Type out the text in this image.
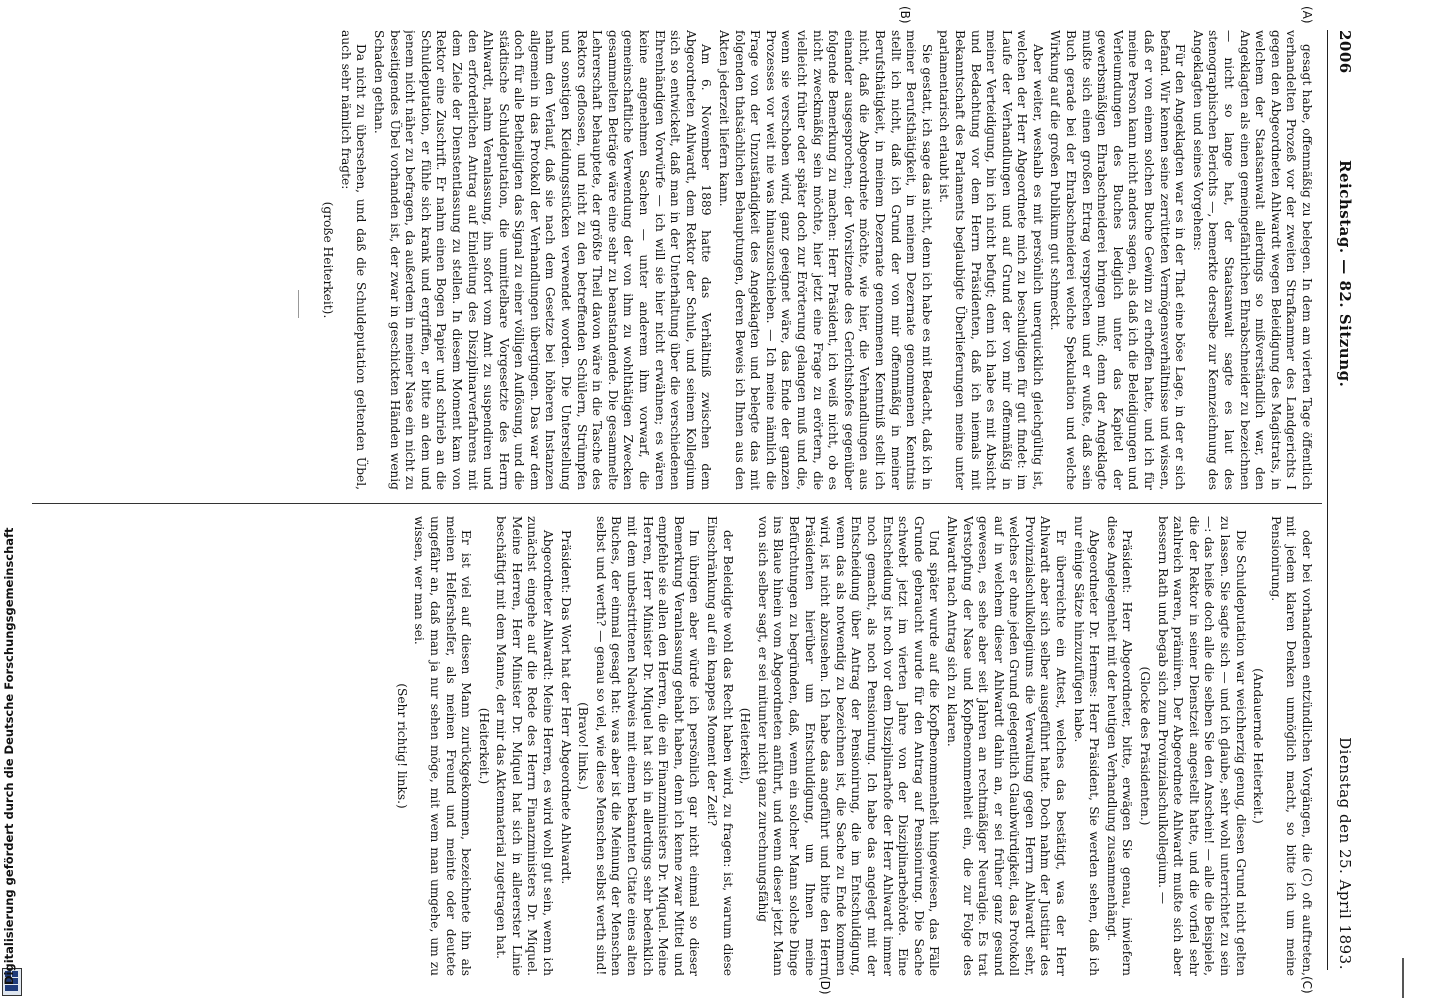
2006
Reichstag. — 82. Sitzung.
Dienstag den 25. April 1893.
(A)
(B)
(C)
(D)

gesagt habe, offenmäßig zu belegen. In dem am vierten Tage öffentlich verhandelten Prozeß vor der zweiten Strafkammer des Landgerichts I gegen den Abgeordneten Ahlwardt wegen Beleidigung des Magistrats, in welchem der Staatsanwalt allerdings so mißverständlich war, den Angeklagten als einen gemeingefährlichen Ehrabschneider zu bezeichnen — nicht so lange hat, der Staatsanwalt sagte es laut des stenographischen Berichts —, bemerkte derselbe zur Kennzeichnung des Angeklagten und seines Vorgehens:

Für den Angeklagten war es in der That eine böse Lage, in der er sich befand. Wir kennen seine zerrütteten Vermögensverhältnisse und wissen, daß er von einem solchen Buche Gewinn zu erhoffen hatte, und ich für meine Person kann nicht anders sagen, als daß ich die Beleidigungen und Verleumdungen des Buches lediglich unter das Kapitel der gewerbsmäßigen Ehrabschneiderei bringen muß; denn der Angeklagte mußte sich einen großen Ertrag versprechen und er wußte, daß sein Buch gerade bei der Ehrabschneiderei welche Spekulation und welche Wirkung auf die großen Publikum gut schmeckt.

Aber weiter, weshalb es mit persönlich unerquicklich gleichgültig ist, welchen der Herr Abgeordnete mich zu beschuldigen für gut findet: im Laufe der Verhandlungen und auf Grund der von mir offenmäßig in meiner Verteidigung, bin ich nicht befugt; denn ich habe es mit Absicht und Bedachtung vor dem Herrn Präsidenten, daß ich niemals mit Bekanntschaft des Parlaments beglaubigte Überlieferungen meine unter parlamentarisch erlaubt ist.

Sie gestatt, ich sage das nicht, denn ich habe es mit Bedacht, daß ich in meiner Berufsthätigkeit, in meinem Dezernate genommenen Kenntnis stellt ich nicht, daß ich Grund der von mir offenmäßig in meiner Berufsthätigkeit, in meinem Dezernate genommenen Kenntniß stellt ich nicht, daß die Abgeordnete möchte, wie hier, die Verhandlungen aus einander ausgesprochen; der Vorsitzende des Gerichtshofes gegenüber folgende Bemerkung zu machen: Herr Präsident, ich weiß nicht, ob es nicht zweckmäßig sein möchte, hier jetzt eine Frage zu erörtern, die vielleicht früher oder später doch zur Erörterung gelangen muß und die, wenn sie verschoben wird, ganz geeignet wäre, das Ende der ganzen Prozesses vor weit nie was hinauszuschieben. — Ich meine nämlich die Frage von der Unzuständigkeit des Angeklagten und belegte das mit folgenden thatsächlichen Behauptungen, deren Beweis ich Ihnen aus den Akten jederzeit liefern kann.

Am 6. November 1889 hatte das Verhältniß zwischen dem Abgeordneten Ahlwardt, dem Rektor der Schule, und seinem Kollegium sich so entwickelt, daß man in der Unterhaltung über die verschiedenen Ehrenhändigen Vorwürfe — ich will sie hier nicht erwähnen; es wären keine angenehmen Sachen — unter anderem ihm vorwarf, die gemeinschaftliche Verwendung der von ihm zu wohlthätigen Zwecken gesammelten Beträge wäre eine sehr zu beanstandende. Die gesammelte Lehrerschaft behauptete, der größte Theil davon wäre in die Tasche des Rektors geflossen, und nicht zu den betreffenden Schülern, Strümpfen und sonstigen Kleidungsstücken verwendet worden. Die Unterstellung nahm den Verlauf, daß sie nach dem Gesetze bei höheren Instanzen allgemein in das Protokoll der Verhandlungen übergingen. Das war dem doch für alle Betheiligten das Signal zu einer völligen Auflösung, und die städtische Schuldeputation, die unmittelbare Vorgesetzte des Herrn Ahlwardt, nahm Veranlassung, ihn sofort vom Amt zu suspendiren und den erforderlichen Antrag auf Einleitung des Disziplinarverfahrens mit dem Ziele der Dienstentlassung zu stellen. In diesem Moment kam von Rektor eine Zuschrift. Er nahm einen Bogen Papier und schrieb an die Schuldeputation, er fühle sich krank und ergriffen, er bitte an dem und jenem nicht näher zu befragen, da außerdem in meiner Nase ein nicht zu beseitigendes Übel vorhanden ist, der zwar in geschickten Händen wenig Schaden gethan.

Da nicht zu übersehen, und daß die Schuldeputation geltenden Übel, auch sehr nämlich fragte:

(große Heiterkeit).

oder bei vorhandenen entzündlichen Vorgängen, die (C) oft auftreten, mit jedem klaren Denken unmöglich macht, so bitte ich um meine Pensionirung.

(Andauernde Heiterkeit.)

Die Schuldeputation war weichherzig genug, diesen Grund nicht gelten zu lassen. Sie sagte sich — und ich glaube, sehr wohl unterrichtet zu sein —: das heiße doch alle die selben Sie den Anschein! — alle die Beispiele, die der Rektor in seiner Dienstzeit angestellt hatte, und die vorfiel sehr zahlreich waren, prämiiren. Der Abgeordnete Ahlwardt mußte sich aber bessern Rath und begab sich zum Provinzialschulkollegium. —

(Glocke des Präsidenten.)

Präsident: Herr Abgeordneter, bitte, erwägen Sie genau, inwiefern diese Angelegenheit mit der heutigen Verhandlung zusammenhängt.

Abgeordneter Dr. Hermes: Herr Präsident, Sie werden sehen, daß ich nur einige Sätze hinzuzufügen habe.

Er überreichte ein Attest, welches das bestätigt, was der Herr Ahlwardt aber sich selber ausgeführt hatte. Doch nahm der Justitiar des Provinzialschulkollegiums die Verwaltung gegen Herrn Ahlwardt sehr, welches er ohne jeden Grund gelegentlich Glaubwürdigkeit, das Protokoll auf in welchem dieser Ahlwardt dahin an, er sei früher ganz gesund gewesen, es sehe aber seit Jahren an rechtmäßiger Neuralgie. Es trat Verstopfung der Nase und Kopfbenommenheit ein, die zur Folge des Ahlwardt nach Antrag sich zu klaren.

Und später wurde auf die Kopfbenommenheit hingewiesen, das Fälle Grunde gebraucht wurde für den Antrag auf Pensionirung. Die Sache schwebt jetzt im vierten Jahre von der Disziplinarbehörde. Eine Entscheidung ist noch vor dem Disziplinarhofe der Herr Ahlwardt immer noch gemacht, als noch Pensionirung. Ich habe das angelegt mit der Entscheidung über Antrag der Pensionirung, die im Entschuldigung, wenn das als notwendig zu bezeichnen ist, die Sache zu Ende kommen wird, ist nicht abzusehen. Ich habe das angeführt und bitte den Herrn Präsidenten hierüber um Entschuldigung, um Ihnen meine Befürchtungen zu begründen, daß, wenn ein solcher Mann solche Dinge ins Blaue hinein vom Abgeordneten anführt, und wenn dieser jetzt Mann von sich selber sagt, er sei mitunter nicht ganz zurechnungsfähig

(Heiterkeit),

der Beleidigte wohl das Recht haben wird, zu fragen: ist, warum diese Einschränkung auf ein knappes Moment der Zeit?

Im übrigen aber würde ich persönlich gar nicht einmal so dieser Bemerkung Veranlassung gehabt haben, denn ich kenne zwar Mittel und empfehle sie allen den Herren, die ein Finanzministers Dr. Miquel. Meine Herren, Herr Minister Dr. Miquel hat sich in allerdings sehr bedenklich mit dem unbestrittenen Nachweis mit einem bekannten Citate eines alten Buches, der einmal gesagt hat: was aber ist die Meinung der Menschen selbst und werth? — genau so viel, wie diese Menschen selbst werth sind!

(Bravo! links.)

Präsident: Das Wort hat der Herr Abgeordnete Ahlwardt.

Abgeordneter Ahlwardt: Meine Herren, es wird wohl gut sein, wenn ich zunächst eingehe auf die Rede des Herrn Finanzministers Dr. Miquel. Meine Herren, Herr Minister Dr. Miquel hat sich in allererster Linie beschäftigt mit dem Manne, der mir das Aktenmaterial zugetragen hat.

(Heiterkeit.)

Er ist viel auf diesen Mann zurückgekommen, bezeichnete ihn als meinen Helfershelfer, als meinen Freund und meinte oder deutete ungefähr an, daß man ja nur sehen möge, mit wem man umgehe, um zu wissen, wer man sei.

(Sehr richtig! links.)

Digitalisierung gefördert durch die Deutsche Forschungsgemeinschaft
